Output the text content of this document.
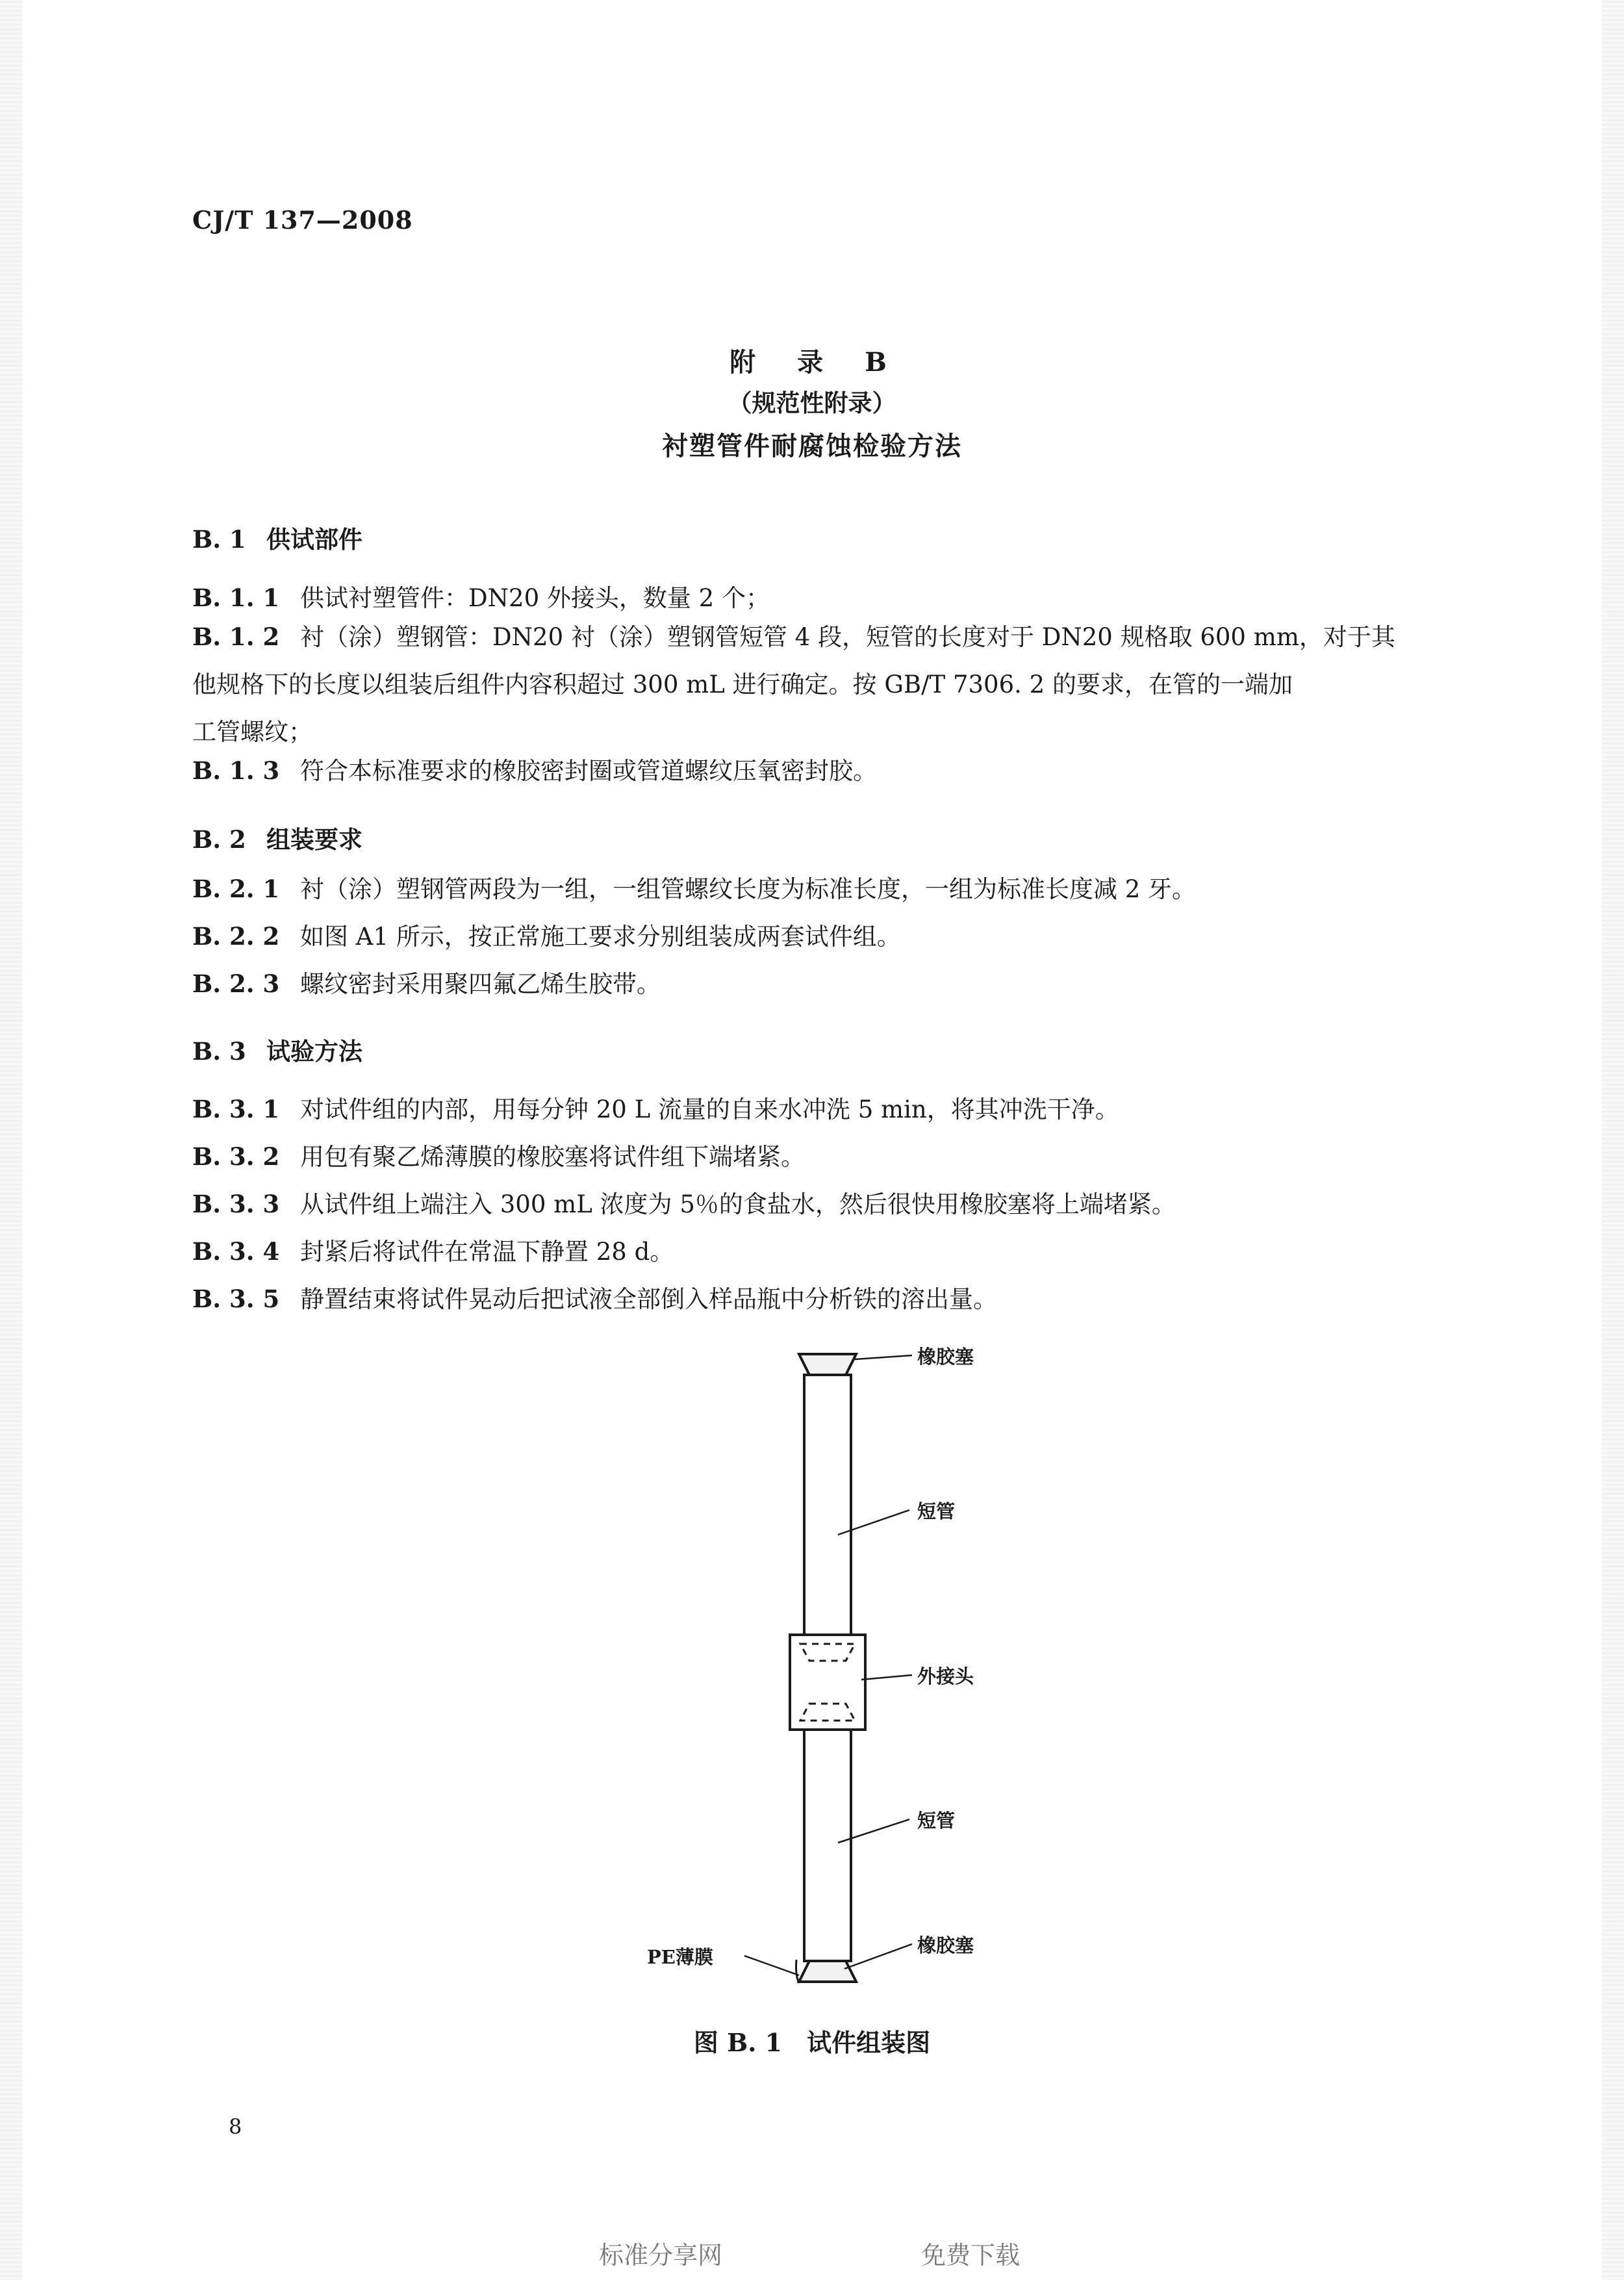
CJ/T 137—2008
附　录　B
（规范性附录）
衬塑管件耐腐蚀检验方法
B. 1 供试部件
B. 1. 1 供试衬塑管件：DN20 外接头，数量 2 个；
B. 1. 2 衬（涂）塑钢管：DN20 衬（涂）塑钢管短管 4 段，短管的长度对于 DN20 规格取 600 mm，对于其
他规格下的长度以组装后组件内容积超过 300 mL 进行确定。按 GB/T 7306. 2 的要求，在管的一端加
工管螺纹；
B. 1. 3 符合本标准要求的橡胶密封圈或管道螺纹压氧密封胶。
B. 2 组装要求
B. 2. 1 衬（涂）塑钢管两段为一组，一组管螺纹长度为标准长度，一组为标准长度减 2 牙。
B. 2. 2 如图 A1 所示，按正常施工要求分别组装成两套试件组。
B. 2. 3 螺纹密封采用聚四氟乙烯生胶带。
B. 3 试验方法
B. 3. 1 对试件组的内部，用每分钟 20 L 流量的自来水冲洗 5 min，将其冲洗干净。
B. 3. 2 用包有聚乙烯薄膜的橡胶塞将试件组下端堵紧。
B. 3. 3 从试件组上端注入 300 mL 浓度为 5％的食盐水，然后很快用橡胶塞将上端堵紧。
B. 3. 4 封紧后将试件在常温下静置 28 d。
B. 3. 5 静置结束将试件晃动后把试液全部倒入样品瓶中分析铁的溶出量。
橡胶塞
短管
外接头
短管
PE薄膜
橡胶塞
图 B. 1　试件组装图
8
标准分享网	免费下载
